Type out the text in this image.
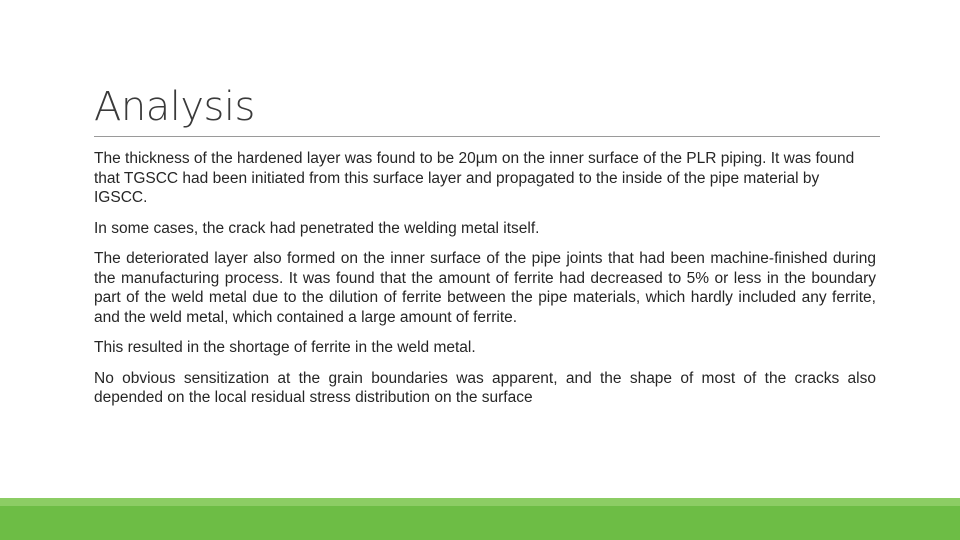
Analysis

The thickness of the hardened layer was found to be 20µm on the inner surface of the PLR piping. It was found that TGSCC had been initiated from this surface layer and propagated to the inside of the pipe material by IGSCC.

In some cases, the crack had penetrated the welding metal itself.

The deteriorated layer also formed on the inner surface of the pipe joints that had been machine-finished during the manufacturing process. It was found that the amount of ferrite had decreased to 5% or less in the boundary part of the weld metal due to the dilution of ferrite between the pipe materials, which hardly included any ferrite, and the weld metal, which contained a large amount of ferrite.

This resulted in the shortage of ferrite in the weld metal.

No obvious sensitization at the grain boundaries was apparent, and the shape of most of the cracks also depended on the local residual stress distribution on the surface
